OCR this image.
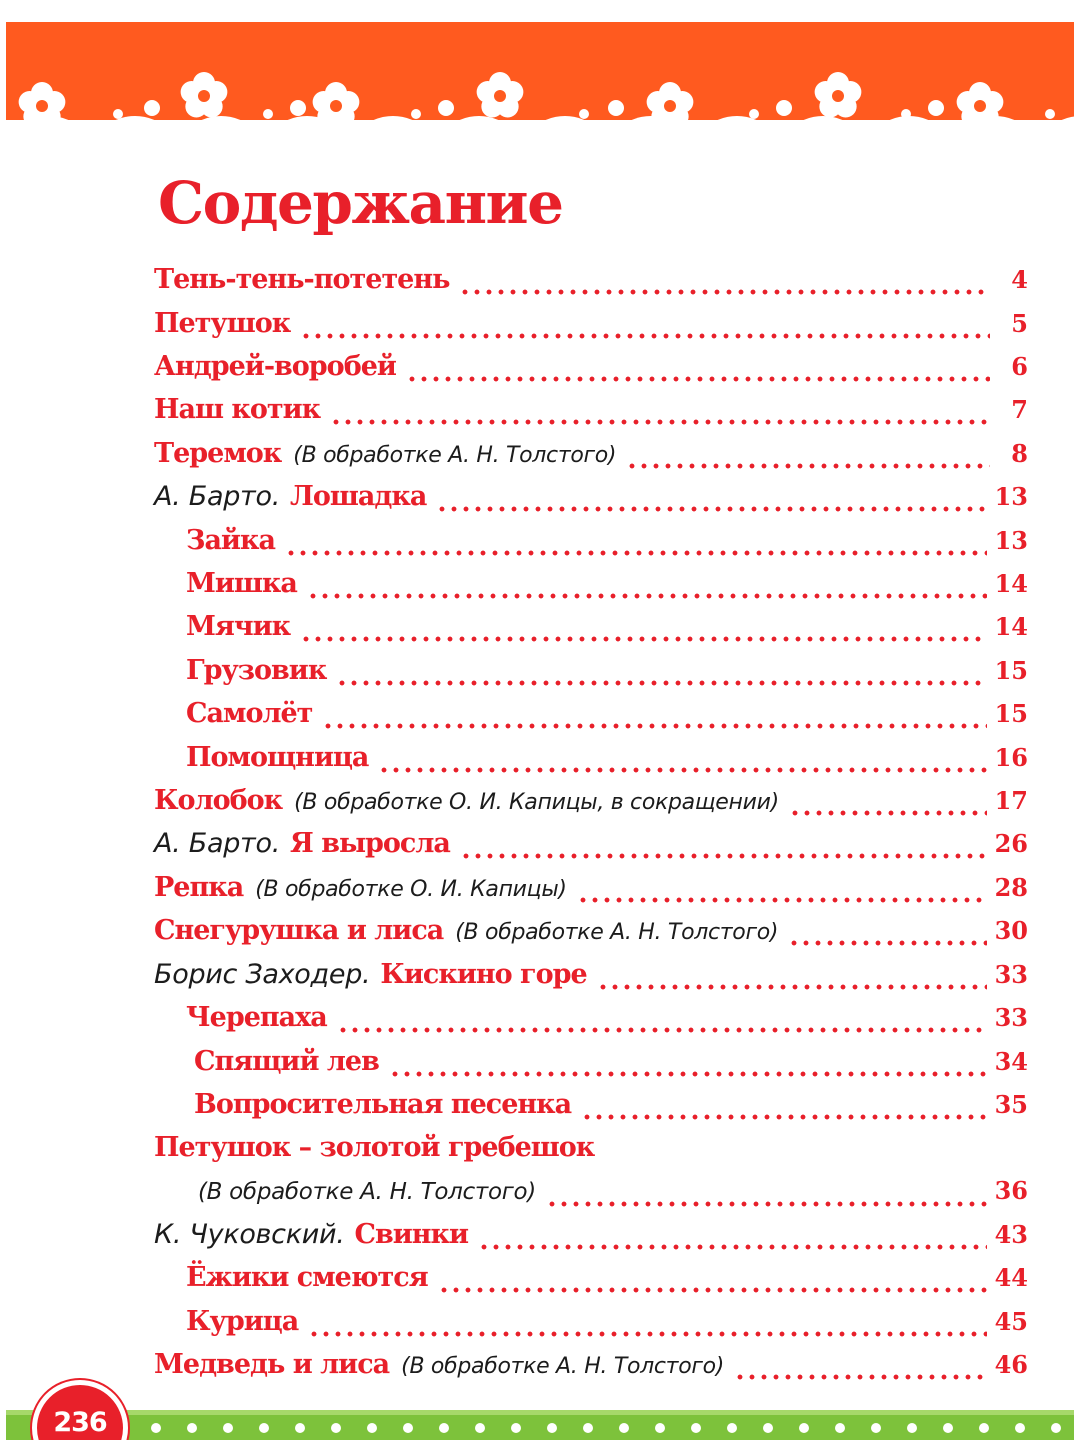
Содержание
Тень-тень-потетень	4
Петушок	5
Андрей-воробей	6
Наш котик	7
Теремок (В обработке А. Н. Толстого)	8
А. Барто. Лошадка	13
Зайка	13
Мишка	14
Мячик	14
Грузовик	15
Самолёт	15
Помощница	16
Колобок (В обработке О. И. Капицы, в сокращении)	17
А. Барто. Я выросла	26
Репка (В обработке О. И. Капицы)	28
Снегурушка и лиса (В обработке А. Н. Толстого)	30
Борис Заходер. Кискино горе	33
Черепаха	33
Спящий лев	34
Вопросительная песенка	35
Петушок – золотой гребешок
(В обработке А. Н. Толстого)	36
К. Чуковский. Свинки	43
Ёжики смеются	44
Курица	45
Медведь и лиса (В обработке А. Н. Толстого)	46
236
